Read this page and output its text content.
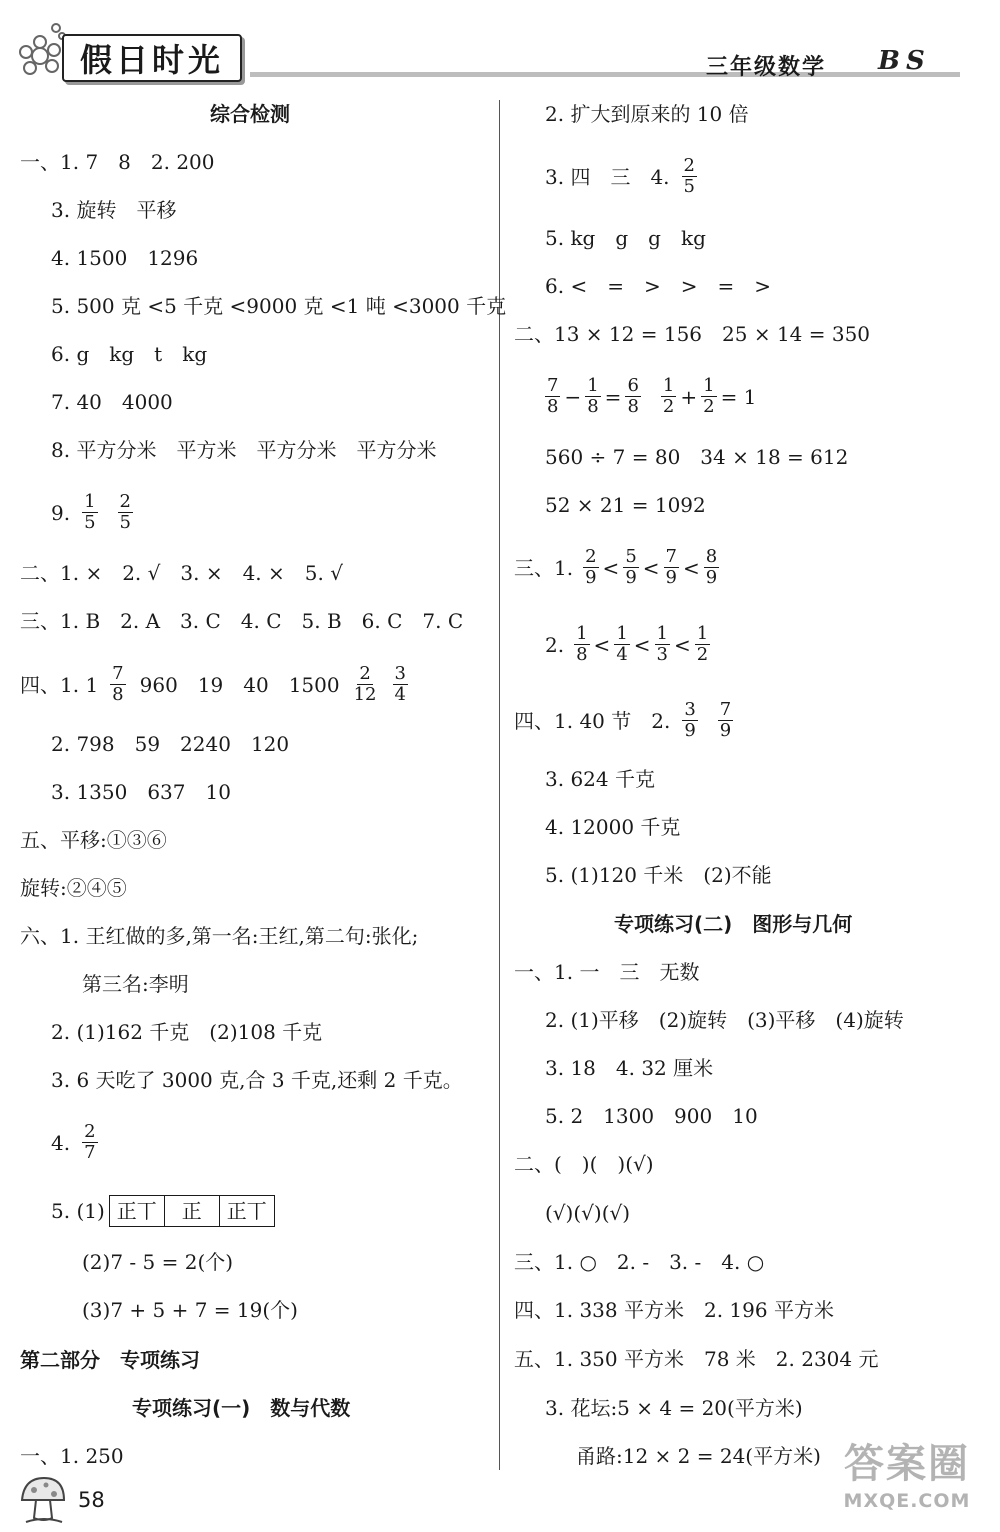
假日时光	三年级数学 BS
综合检测
一、1. 7　8　2. 200
3. 旋转　平移
4. 1500　1296
5. 500 克 <5 千克 <9000 克 <1 吨 <3000 千克
6. g　kg　t　kg
7. 40　4000
8. 平方分米　平方米　平方分米　平方分米
9. $\frac{1}{5} \frac{2}{5}$
二、1. ×　2. √　3. ×　4. ×　5. √
三、1. B　2. A　3. C　4. C　5. B　6. C　7. C
四、1. $1 \frac{7}{8} 960$　19　40　$1500 \frac{2}{12} \frac{3}{4}$
2. 798　59　2240　120
3. 1350　637　10
五、平移:①③⑥
旋转:②④⑤
六、1. 王红做的多,第一名:王红,第二句:张化;
第三名:李明
2. (1)162 千克　(2)108 千克
3. 6 天吃了 3000 克,合 3 千克,还剩 2 千克。
4. $\frac{2}{7}$
5. (1) 正丅	正	正丅
(2)7 - 5 = 2(个)
(3)7 + 5 + 7 = 19(个)
第二部分　专项练习
专项练习(一)　数与代数
一、1. 250
2. 扩大到原来的 10 倍
3. 四　三　4. $\frac{2}{5}$
5. kg　g　g　kg
6. <　=　>　>　=　>
二、13 × 12 = 156　25 × 14 = 350
$\frac{7}{8} - \frac{1}{8} = \frac{6}{8} \frac{1}{2} + \frac{1}{2} = 1$
560 ÷ 7 = 80　34 × 18 = 612
52 × 21 = 1092
三、1. $\frac{2}{9} < \frac{5}{9} < \frac{7}{9} < \frac{8}{9}$
2. $\frac{1}{8} < \frac{1}{4} < \frac{1}{3} < \frac{1}{2}$
四、1. 40 节　2. $\frac{3}{9} \frac{7}{9}$
3. 624 千克
4. 12000 千克
5. (1)120 千米　(2)不能
专项练习(二)　图形与几何
一、1. 一　三　无数
2. (1)平移　(2)旋转　(3)平移　(4)旋转
3. 18　4. 32 厘米
5. 2　1300　900　10
二、(　)(　)(√)
(√)(√)(√)
三、1. ○　2. -　3. -　4. ○
四、1. 338 平方米　2. 196 平方米
五、1. 350 平方米　78 米　2. 2304 元
3. 花坛:5 × 4 = 20(平方米)
甬路:12 × 2 = 24(平方米)
58
答案圈
MXQE.COM
